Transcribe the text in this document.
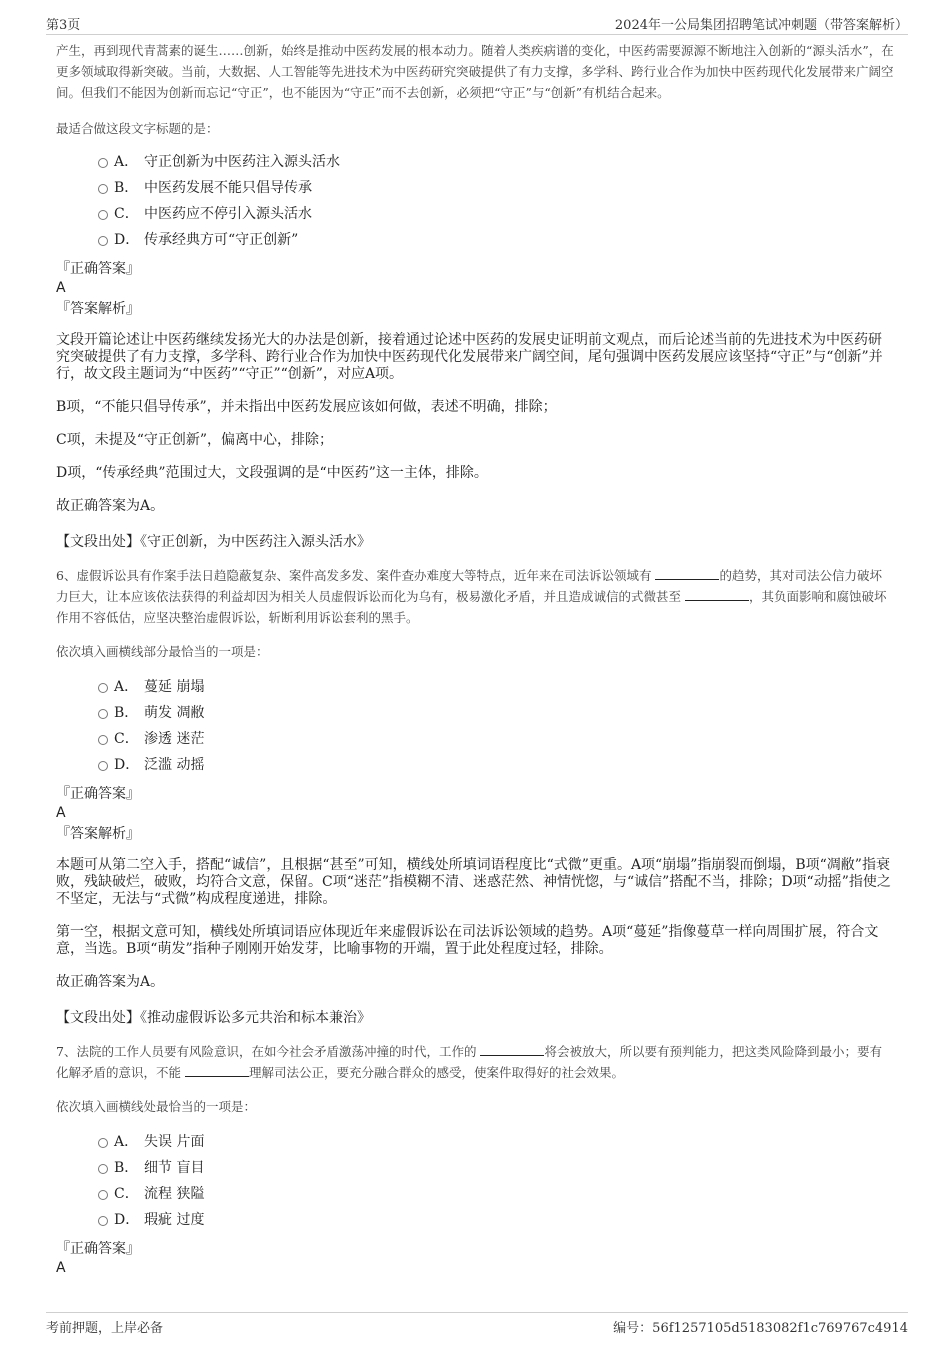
第3页	2024年一公局集团招聘笔试冲刺题（带答案解析）

产生，再到现代青蒿素的诞生……创新，始终是推动中医药发展的根本动力。随着人类疾病谱的变化，中医药需要源源不断地注入创新的“源头活水”，在更多领域取得新突破。当前，大数据、人工智能等先进技术为中医药研究突破提供了有力支撑，多学科、跨行业合作为加快中医药现代化发展带来广阔空间。但我们不能因为创新而忘记“守正”，也不能因为“守正”而不去创新，必须把“守正”与“创新”有机结合起来。

最适合做这段文字标题的是：

A． 守正创新为中医药注入源头活水
B． 中医药发展不能只倡导传承
C． 中医药应不停引入源头活水
D． 传承经典方可“守正创新”

『正确答案』

A

『答案解析』

文段开篇论述让中医药继续发扬光大的办法是创新，接着通过论述中医药的发展史证明前文观点，而后论述当前的先进技术为中医药研究突破提供了有力支撑，多学科、跨行业合作为加快中医药现代化发展带来广阔空间，尾句强调中医药发展应该坚持“守正”与“创新”并行，故文段主题词为“中医药”“守正”“创新”，对应A项。

B项，“不能只倡导传承”，并未指出中医药发展应该如何做，表述不明确，排除；

C项，未提及“守正创新”，偏离中心，排除；

D项，“传承经典”范围过大，文段强调的是“中医药”这一主体，排除。

故正确答案为A。

【文段出处】《守正创新，为中医药注入源头活水》

6、虚假诉讼具有作案手法日趋隐蔽复杂、案件高发多发、案件查办难度大等特点，近年来在司法诉讼领域有	的趋势，其对司法公信力破坏力巨大，让本应该依法获得的利益却因为相关人员虚假诉讼而化为乌有，极易激化矛盾，并且造成诚信的式微甚至	，其负面影响和腐蚀破坏作用不容低估，应坚决整治虚假诉讼，斩断利用诉讼套利的黑手。

依次填入画横线部分最恰当的一项是：

A． 蔓延 崩塌
B． 萌发 凋敝
C． 渗透 迷茫
D． 泛滥 动摇

『正确答案』

A

『答案解析』

本题可从第二空入手，搭配“诚信”，且根据“甚至”可知，横线处所填词语程度比“式微”更重。A项“崩塌”指崩裂而倒塌，B项“凋敝”指衰败，残缺破烂，破败，均符合文意，保留。C项“迷茫”指模糊不清、迷惑茫然、神情恍惚，与“诚信”搭配不当，排除；D项“动摇”指使之不坚定，无法与“式微”构成程度递进，排除。

第一空，根据文意可知，横线处所填词语应体现近年来虚假诉讼在司法诉讼领域的趋势。A项“蔓延”指像蔓草一样向周围扩展，符合文意，当选。B项“萌发”指种子刚刚开始发芽，比喻事物的开端，置于此处程度过轻，排除。

故正确答案为A。

【文段出处】《推动虚假诉讼多元共治和标本兼治》

7、法院的工作人员要有风险意识，在如今社会矛盾激荡冲撞的时代，工作的	将会被放大，所以要有预判能力，把这类风险降到最小；要有化解矛盾的意识，不能	理解司法公正，要充分融合群众的感受，使案件取得好的社会效果。

依次填入画横线处最恰当的一项是：

A． 失误 片面
B． 细节 盲目
C． 流程 狭隘
D． 瑕疵 过度

『正确答案』

A

考前押题，上岸必备	编号：56f1257105d5183082f1c769767c4914
